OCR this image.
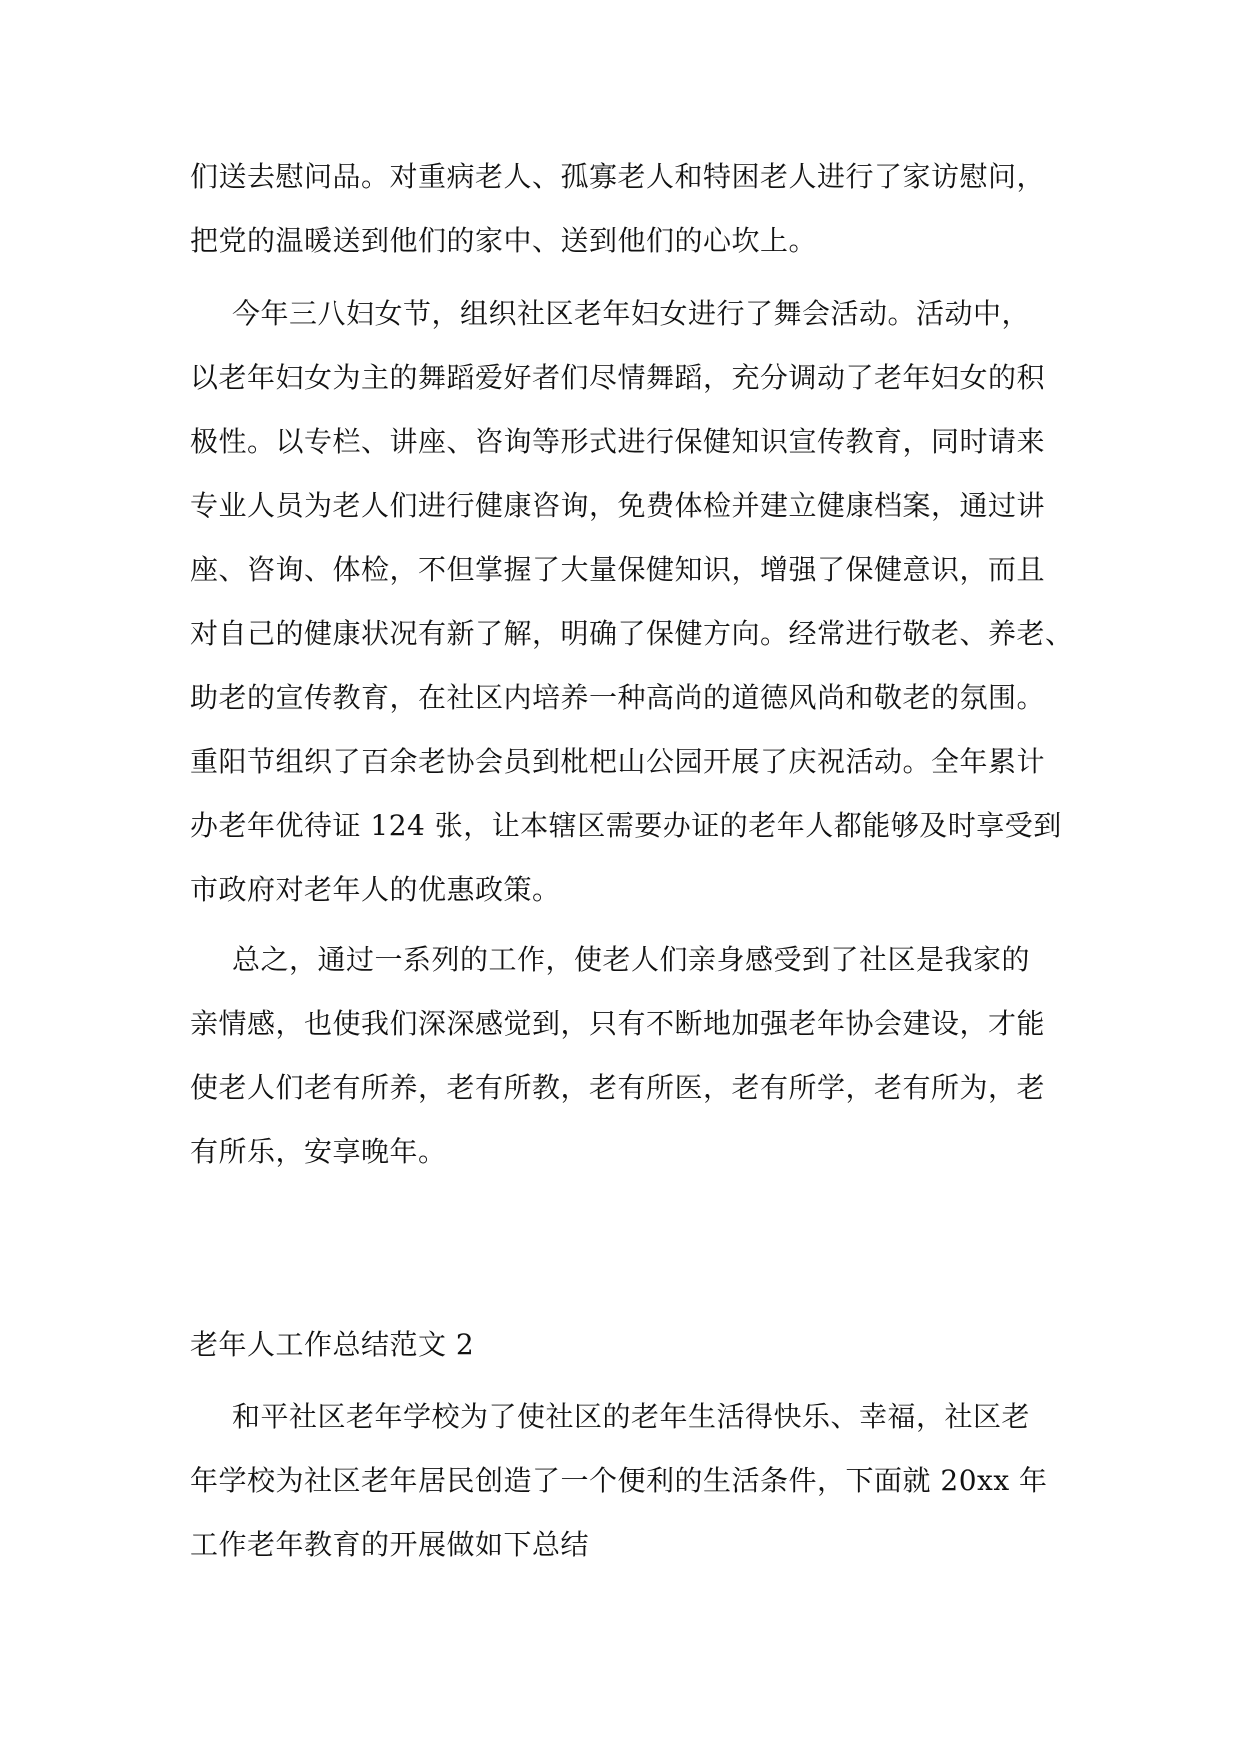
们送去慰问品。对重病老人、孤寡老人和特困老人进行了家访慰问，
把党的温暖送到他们的家中、送到他们的心坎上。
今年三八妇女节，组织社区老年妇女进行了舞会活动。活动中，
以老年妇女为主的舞蹈爱好者们尽情舞蹈，充分调动了老年妇女的积
极性。以专栏、讲座、咨询等形式进行保健知识宣传教育，同时请来
专业人员为老人们进行健康咨询，免费体检并建立健康档案，通过讲
座、咨询、体检，不但掌握了大量保健知识，增强了保健意识，而且
对自己的健康状况有新了解，明确了保健方向。经常进行敬老、养老、
助老的宣传教育，在社区内培养一种高尚的道德风尚和敬老的氛围。
重阳节组织了百余老协会员到枇杷山公园开展了庆祝活动。全年累计
办老年优待证 124 张，让本辖区需要办证的老年人都能够及时享受到
市政府对老年人的优惠政策。
总之，通过一系列的工作，使老人们亲身感受到了社区是我家的
亲情感，也使我们深深感觉到，只有不断地加强老年协会建设，才能
使老人们老有所养，老有所教，老有所医，老有所学，老有所为，老
有所乐，安享晚年。
老年人工作总结范文 2
和平社区老年学校为了使社区的老年生活得快乐、幸福，社区老
年学校为社区老年居民创造了一个便利的生活条件，下面就 20xx 年
工作老年教育的开展做如下总结
